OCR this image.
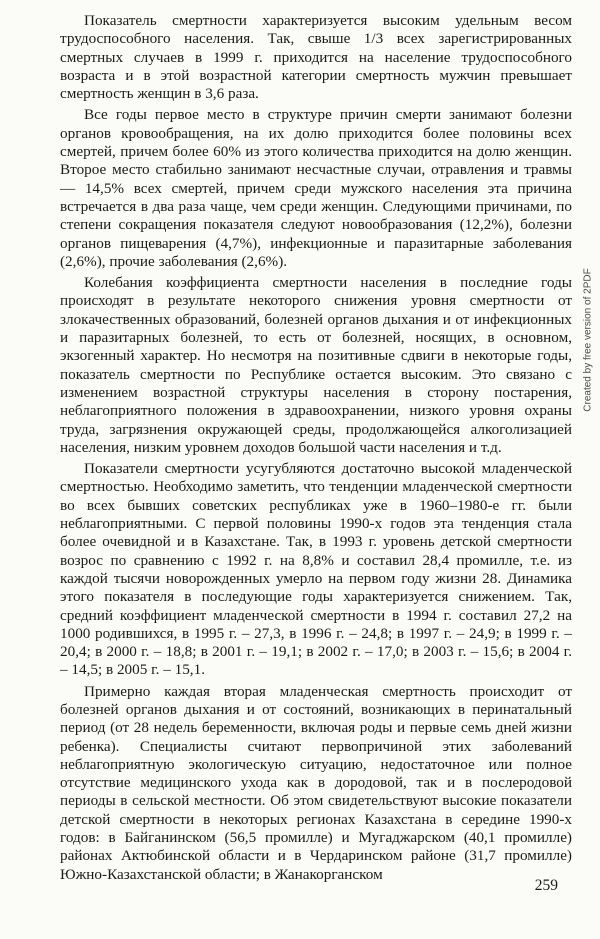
Показатель смертности характеризуется высоким удельным весом трудоспособного населения. Так, свыше 1/3 всех зарегистрированных смертных случаев в 1999 г. приходится на население трудоспособного возраста и в этой возрастной категории смертность мужчин превышает смертность женщин в 3,6 раза.

Все годы первое место в структуре причин смерти занимают болезни органов кровообращения, на их долю приходится более половины всех смертей, причем более 60% из этого количества приходится на долю женщин. Второе место стабильно занимают несчастные случаи, отравления и травмы — 14,5% всех смертей, причем среди мужского населения эта причина встречается в два раза чаще, чем среди женщин. Следующими причинами, по степени сокращения показателя следуют новообразования (12,2%), болезни органов пищеварения (4,7%), инфекционные и паразитарные заболевания (2,6%), прочие заболевания (2,6%).

Колебания коэффициента смертности населения в последние годы происходят в результате некоторого снижения уровня смертности от злокачественных образований, болезней органов дыхания и от инфекционных и паразитарных болезней, то есть от болезней, носящих, в основном, экзогенный характер. Но несмотря на позитивные сдвиги в некоторые годы, показатель смертности по Республике остается высоким. Это связано с изменением возрастной структуры населения в сторону постарения, неблагоприятного положения в здравоохранении, низкого уровня охраны труда, загрязнения окружающей среды, продолжающейся алкоголизацией населения, низким уровнем доходов большой части населения и т.д.

Показатели смертности усугубляются достаточно высокой младенческой смертностью. Необходимо заметить, что тенденции младенческой смертности во всех бывших советских республиках уже в 1960–1980-е гг. были неблагоприятными. С первой половины 1990-х годов эта тенденция стала более очевидной и в Казахстане. Так, в 1993 г. уровень детской смертности возрос по сравнению с 1992 г. на 8,8% и составил 28,4 промилле, т.е. из каждой тысячи новорожденных умерло на первом году жизни 28. Динамика этого показателя в последующие годы характеризуется снижением. Так, средний коэффициент младенческой смертности в 1994 г. составил 27,2 на 1000 родившихся, в 1995 г. – 27,3, в 1996 г. – 24,8; в 1997 г. – 24,9; в 1999 г. – 20,4; в 2000 г. – 18,8; в 2001 г. – 19,1; в 2002 г. – 17,0; в 2003 г. – 15,6; в 2004 г. – 14,5; в 2005 г. – 15,1.

Примерно каждая вторая младенческая смертность происходит от болезней органов дыхания и от состояний, возникающих в перинатальный период (от 28 недель беременности, включая роды и первые семь дней жизни ребенка). Специалисты считают первопричиной этих заболеваний неблагоприятную экологическую ситуацию, недостаточное или полное отсутствие медицинского ухода как в дородовой, так и в послеродовой периоды в сельской местности. Об этом свидетельствуют высокие показатели детской смертности в некоторых регионах Казахстана в середине 1990-х годов: в Байганинском (56,5 промилле) и Мугаджарском (40,1 промилле) районах Актюбинской области и в Чердаринском районе (31,7 промилле) Южно-Казахстанской области; в Жанакорганском

259
Created by free version of 2PDF
